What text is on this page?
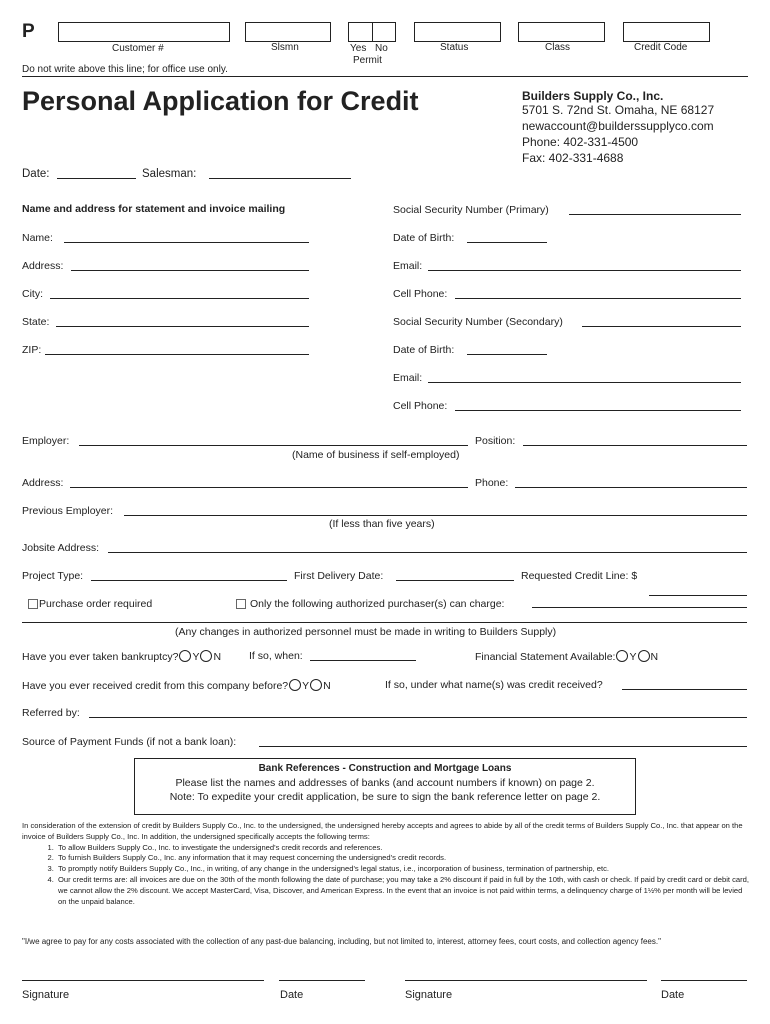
P
Customer #	Slsmn	Yes No
Permit
Status	Class	Credit Code
Do not write above this line; for office use only.
Personal Application for Credit	Builders Supply Co., Inc.
5701 S. 72nd St. Omaha, NE 68127
newaccount@builderssupplyco.com
Phone: 402-331-4500
Fax: 402-331-4688
Date:	Salesman:
Name and address for statement and invoice mailing
Name:
Address:
City:
State:
ZIP:
Social Security Number (Primary)
Date of Birth:
Email:
Cell Phone:
Social Security Number (Secondary)
Date of Birth:
Email:
Cell Phone:
Employer:	Position:
(Name of business if self-employed)
Address:	Phone:
Previous Employer:
(If less than five years)
Jobsite Address:
Project Type:	First Delivery Date:	Requested Credit Line: $
Purchase order required	Only the following authorized purchaser(s) can charge:
(Any changes in authorized personnel must be made in writing to Builders Supply)
Have you ever taken bankruptcy? Y N	If so, when:	Financial Statement Available: Y N
Have you ever received credit from this company before? Y N	If so, under what name(s) was credit received?
Referred by:
Source of Payment Funds (if not a bank loan):
Bank References - Construction and Mortgage Loans
Please list the names and addresses of banks (and account numbers if known) on page 2.
Note: To expedite your credit application, be sure to sign the bank reference letter on page 2.
In consideration of the extension of credit by Builders Supply Co., Inc. to the undersigned, the undersigned hereby accepts and agrees to abide by all of the credit terms of Builders Supply Co., Inc. that appear on the invoice of Builders Supply Co., Inc. In addition, the undersigned specifically accepts the following terms:
1. To allow Builders Supply Co., Inc. to investigate the undersigned's credit records and references.
2. To furnish Builders Supply Co., Inc. any information that it may request concerning the undersigned's credit records.
3. To promptly notify Builders Supply Co., Inc., in writing, of any change in the undersigned's legal status, i.e., incorporation of business, termination of partnership, etc.
4. Our credit terms are: all invoices are due on the 30th of the month following the date of purchase; you may take a 2% discount if paid in full by the 10th, with cash or check. If paid by credit card or debit card, we cannot allow the 2% discount. We accept MasterCard, Visa, Discover, and American Express. In the event that an invoice is not paid within terms, a delinquency charge of 1½% per month will be levied on the unpaid balance.
"I/we agree to pay for any costs associated with the collection of any past-due balancing, including, but not limited to, interest, attorney fees, court costs, and collection agency fees."
Signature	Date	Signature	Date
